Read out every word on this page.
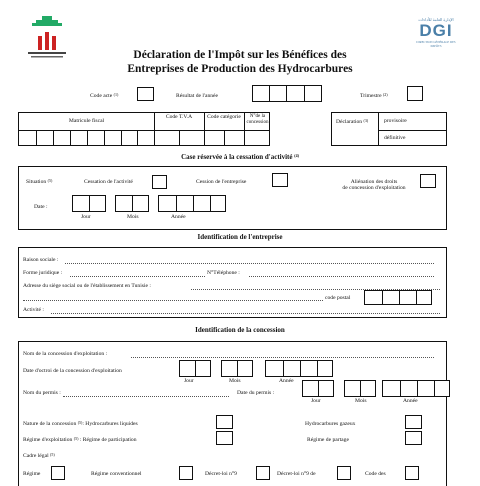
الإدارة العامة للأداءات
DGI
DIRECTION GÉNÉRALE DES IMPÔTS
Déclaration de l'Impôt sur les Bénéfices des
Entreprises de Production des Hydrocarbures
Code acte $^{(1)}$	Résultat de l'année	Trimestre $^{(2)}$
Matricule fiscal
Code T.V.A	Code catégorie	N°de la concession	Déclaration $^{(3)}$	provisoire
définitive
Case réservée à la cessation d'activité $^{(4)}$
Situation $^{(5)}$	Cessation de l'activité	Cession de l'entreprise	Aliénation des droits
de concession d'exploitation
Date :
Jour	Mois	Année
Identification de l'entreprise
Raison sociale :
Forme juridique :	N°Téléphone :
Adresse du siège social ou de l'établissement en Tunisie :
code postal
Activité :
Identification de la concession
Nom de la concession d'exploitation :
Date d'octroi de la concession d'exploitation
Jour	Mois	Année
Nom du permis :	Date du permis :
Jour	Mois	Année
Nature de la concession $^{(5)}$: Hydrocarbures liquides	Hydrocarbures gazeux
Régime d'exploitation $^{(5)}$ : Régime de participation	Régime de partage
Cadre légal $^{(5)}$
Régime	Régime conventionnel	Décret-loi n°9	Décret-loi n°9 de	Code des
